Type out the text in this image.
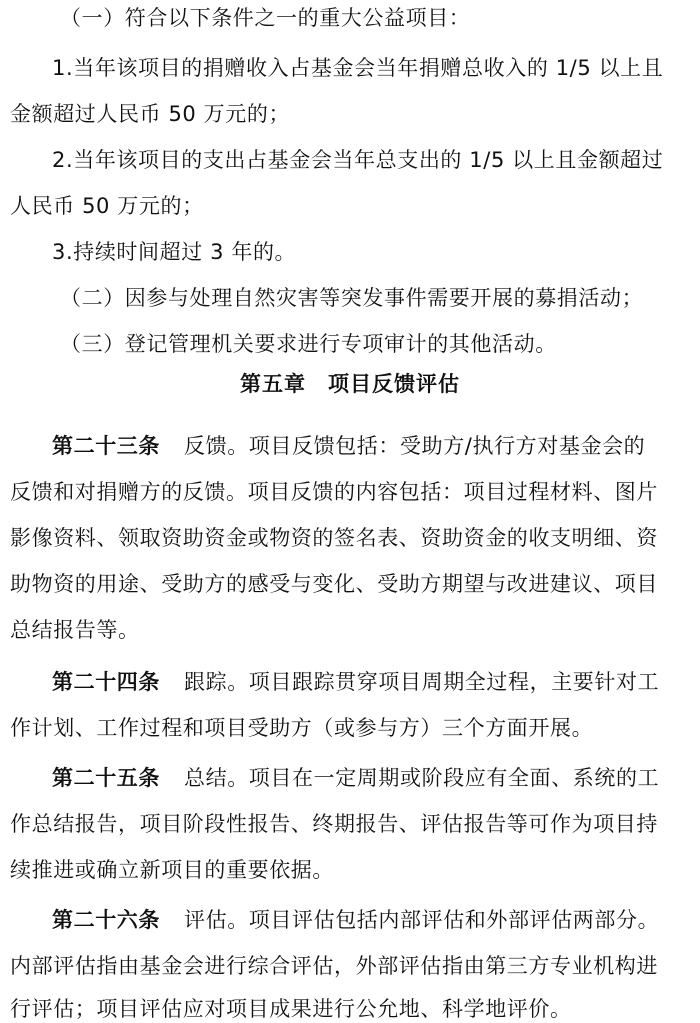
（一）符合以下条件之一的重大公益项目：
1.当年该项目的捐赠收入占基金会当年捐赠总收入的 1/5 以上且
金额超过人民币 50 万元的；
2.当年该项目的支出占基金会当年总支出的 1/5 以上且金额超过
人民币 50 万元的；
3.持续时间超过 3 年的。
（二）因参与处理自然灾害等突发事件需要开展的募捐活动；
（三）登记管理机关要求进行专项审计的其他活动。
第五章　项目反馈评估
第二十三条 反馈。项目反馈包括：受助方/执行方对基金会的
反馈和对捐赠方的反馈。项目反馈的内容包括：项目过程材料、图片
影像资料、领取资助资金或物资的签名表、资助资金的收支明细、资
助物资的用途、受助方的感受与变化、受助方期望与改进建议、项目
总结报告等。
第二十四条 跟踪。项目跟踪贯穿项目周期全过程，主要针对工
作计划、工作过程和项目受助方（或参与方）三个方面开展。
第二十五条 总结。项目在一定周期或阶段应有全面、系统的工
作总结报告，项目阶段性报告、终期报告、评估报告等可作为项目持
续推进或确立新项目的重要依据。
第二十六条 评估。项目评估包括内部评估和外部评估两部分。
内部评估指由基金会进行综合评估，外部评估指由第三方专业机构进
行评估；项目评估应对项目成果进行公允地、科学地评价。
